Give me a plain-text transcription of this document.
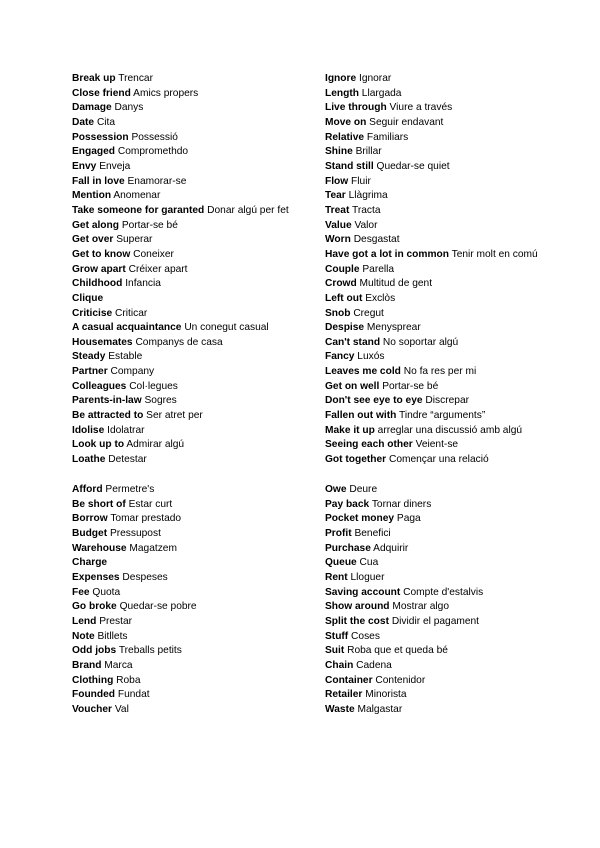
Break up Trencar
Close friend Amics propers
Damage Danys
Date Cita
Possession Possessió
Engaged Compromethdo
Envy Enveja
Fall in love Enamorar-se
Mention Anomenar
Take someone for garanted Donar algú per fet
Get along Portar-se bé
Get over Superar
Get to know Coneixer
Grow apart Créixer apart
Childhood Infancia
Clique
Criticise Criticar
A casual acquaintance Un conegut casual
Housemates Companys de casa
Steady Estable
Partner Company
Colleagues Col·legues
Parents-in-law Sogres
Be attracted to Ser atret per
Idolise Idolatrar
Look up to Admirar algú
Loathe Detestar
Ignore Ignorar
Length Llargada
Live through Viure a través
Move on Seguir endavant
Relative Familiars
Shine Brillar
Stand still Quedar-se quiet
Flow Fluir
Tear Llàgrima
Treat Tracta
Value Valor
Worn Desgastat
Have got a lot in common Tenir molt en comú
Couple Parella
Crowd Multitud de gent
Left out Exclòs
Snob Cregut
Despise Menysprear
Can't stand No soportar algú
Fancy Luxós
Leaves me cold No fa res per mi
Get on well Portar-se bé
Don't see eye to eye Discrepar
Fallen out with Tindre “arguments”
Make it up arreglar una discussió amb algú
Seeing each other Veient-se
Got together Començar una relació
Afford Permetre's
Be short of Estar curt
Borrow Tomar prestado
Budget Pressupost
Warehouse Magatzem
Charge
Expenses Despeses
Fee Quota
Go broke Quedar-se pobre
Lend Prestar
Note Bitllets
Odd jobs Treballs petits
Brand Marca
Clothing Roba
Founded Fundat
Voucher Val
Owe Deure
Pay back Tornar diners
Pocket money Paga
Profit Benefici
Purchase Adquirir
Queue Cua
Rent Lloguer
Saving account Compte d'estalvis
Show around Mostrar algo
Split the cost Dividir el pagament
Stuff Coses
Suit Roba que et queda bé
Chain Cadena
Container Contenidor
Retailer Minorista
Waste Malgastar
